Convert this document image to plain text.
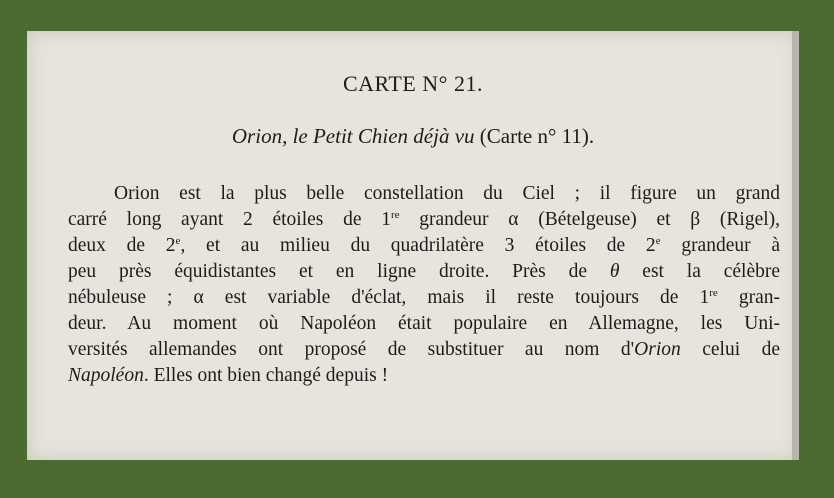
CARTE N° 21.
Orion, le Petit Chien déjà vu (Carte n° 11).
Orion est la plus belle constellation du Ciel ; il figure un grand
carré long ayant 2 étoiles de 1re grandeur α (Bételgeuse) et β (Rigel),
deux de 2e, et au milieu du quadrilatère 3 étoiles de 2e grandeur à
peu près équidistantes et en ligne droite. Près de θ est la célèbre
nébuleuse ; α est variable d'éclat, mais il reste toujours de 1re gran-
deur. Au moment où Napoléon était populaire en Allemagne, les Uni-
versités allemandes ont proposé de substituer au nom d'Orion celui de
Napoléon. Elles ont bien changé depuis !
